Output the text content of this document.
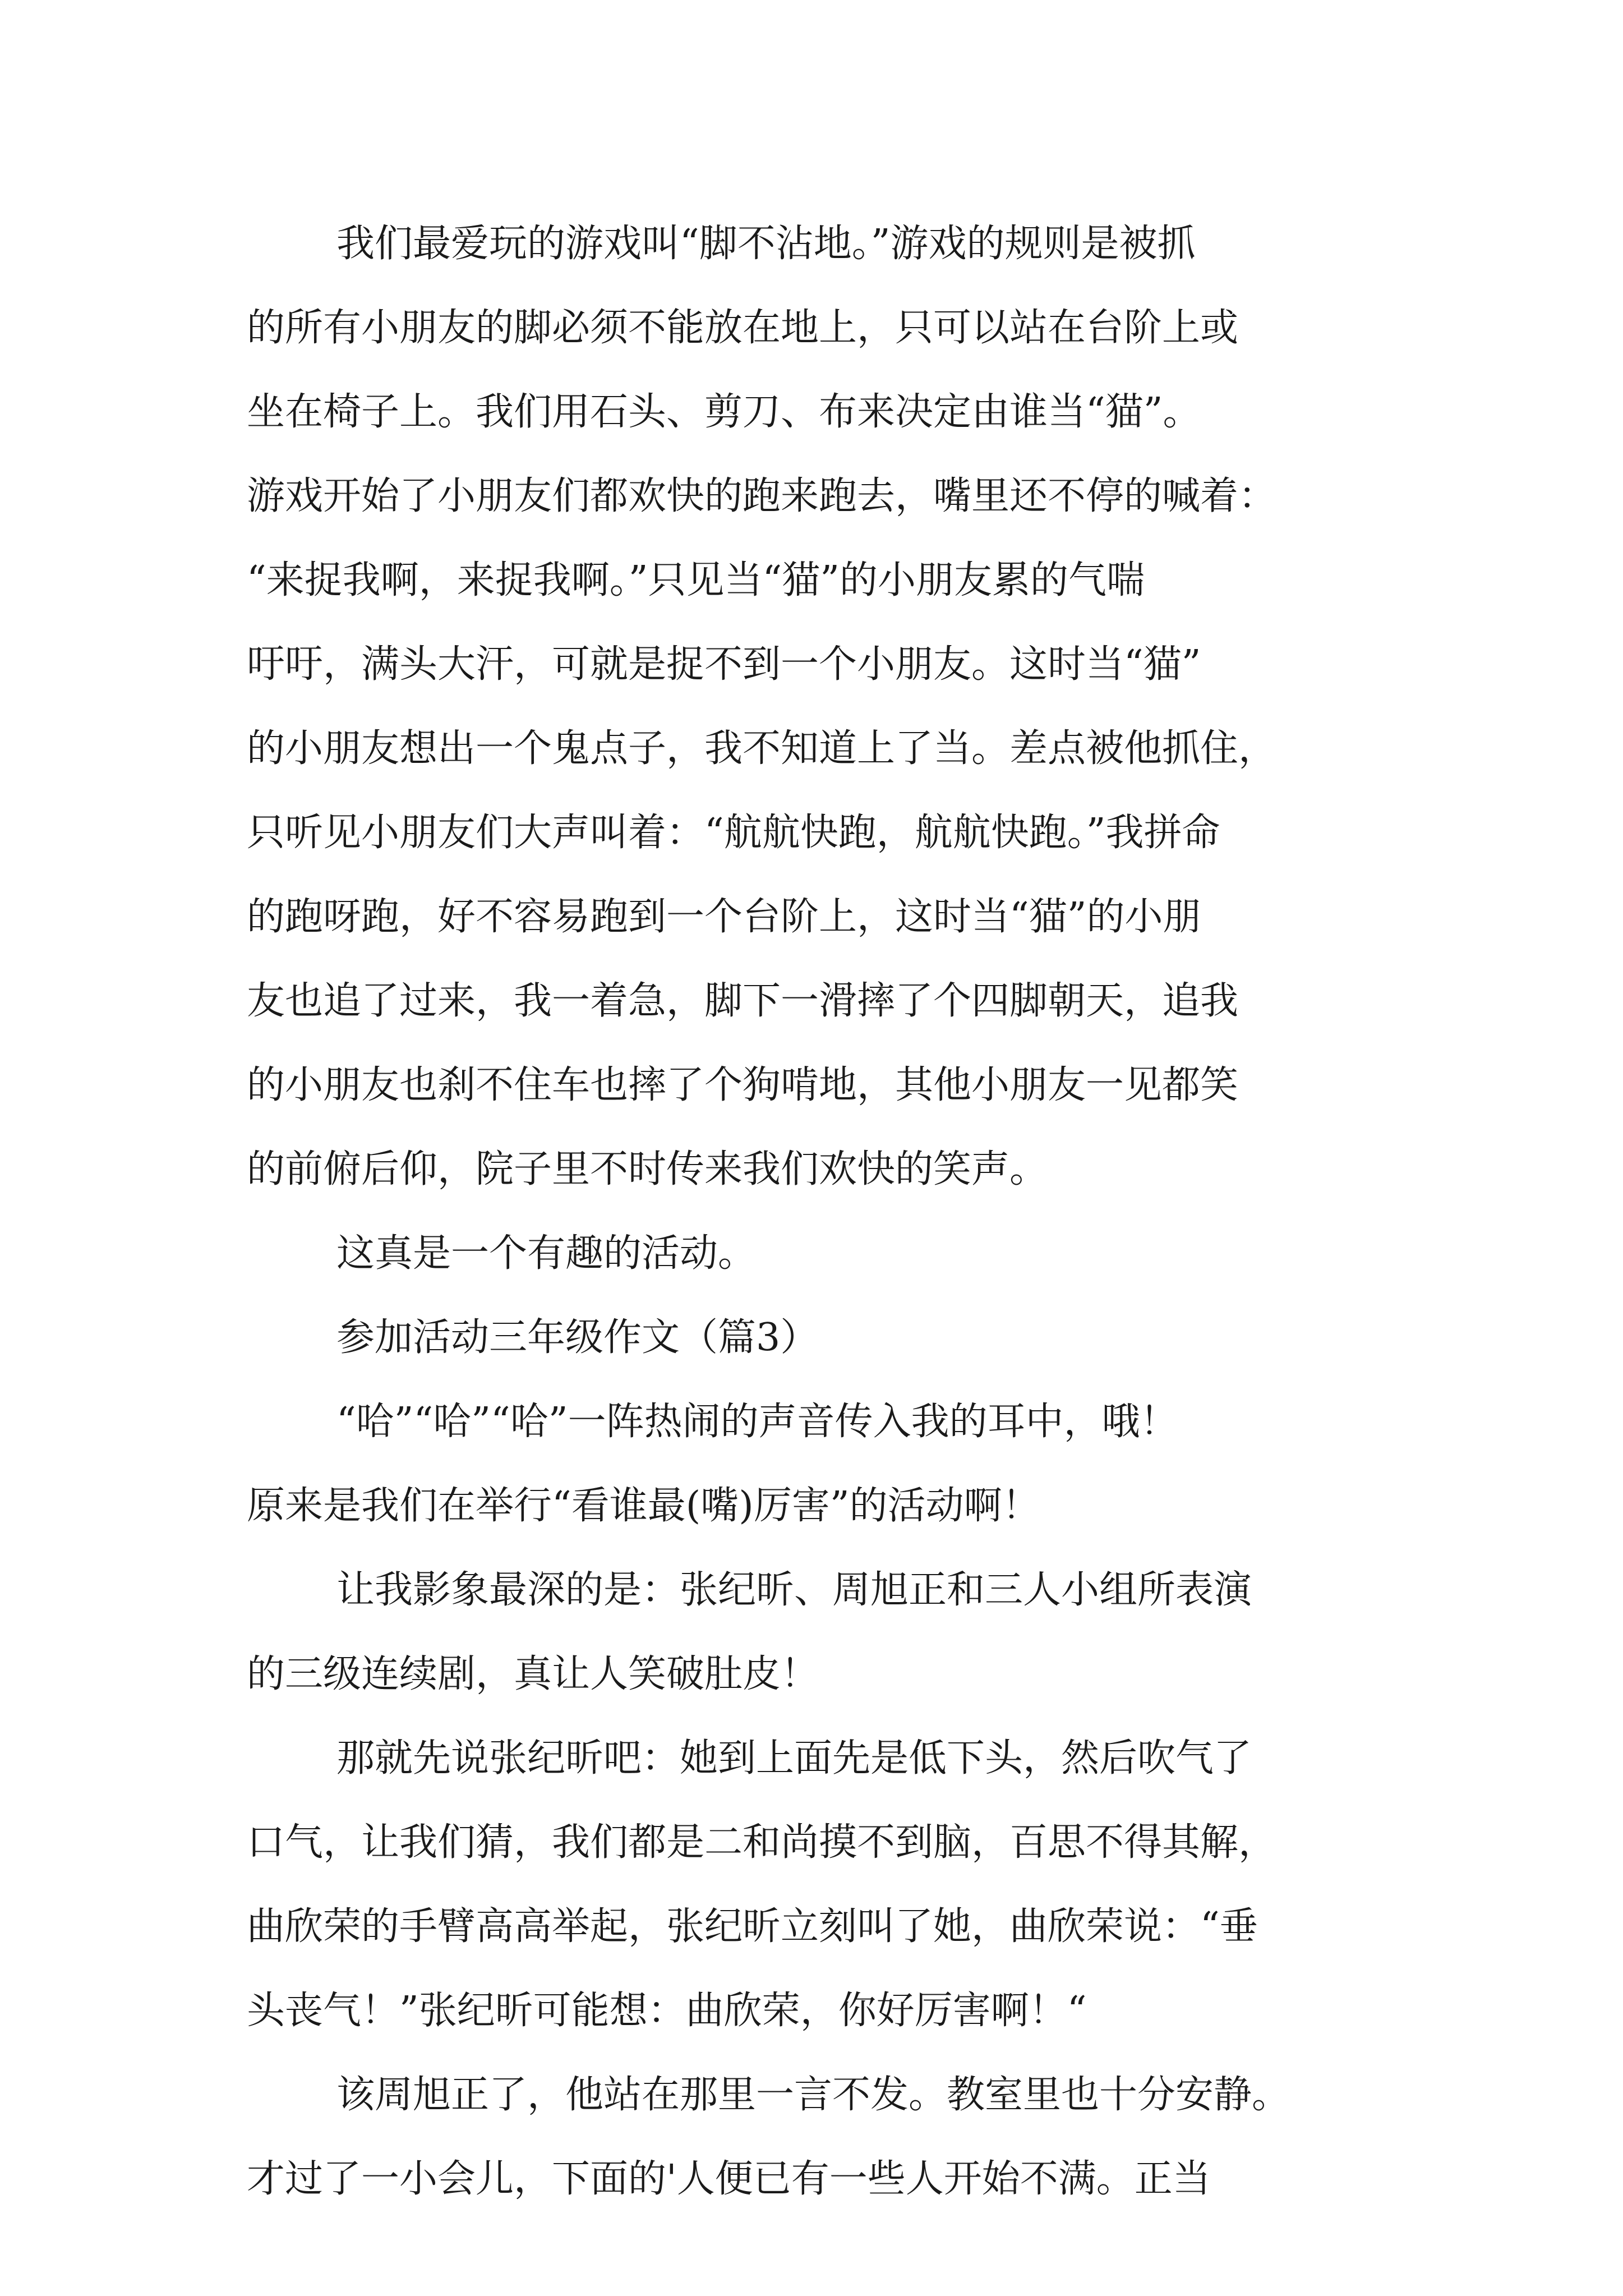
我们最爱玩的游戏叫“脚不沾地。”游戏的规则是被抓
的所有小朋友的脚必须不能放在地上，只可以站在台阶上或
坐在椅子上。我们用石头、剪刀、布来决定由谁当“猫”。
游戏开始了小朋友们都欢快的跑来跑去，嘴里还不停的喊着：
“来捉我啊，来捉我啊。”只见当“猫”的小朋友累的气喘
吁吁，满头大汗，可就是捉不到一个小朋友。这时当“猫”
的小朋友想出一个鬼点子，我不知道上了当。差点被他抓住，
只听见小朋友们大声叫着：“航航快跑，航航快跑。”我拼命
的跑呀跑，好不容易跑到一个台阶上，这时当“猫”的小朋
友也追了过来，我一着急，脚下一滑摔了个四脚朝天，追我
的小朋友也刹不住车也摔了个狗啃地，其他小朋友一见都笑
的前俯后仰，院子里不时传来我们欢快的笑声。
这真是一个有趣的活动。
参加活动三年级作文（篇3）
“哈”“哈”“哈”一阵热闹的声音传入我的耳中，哦！
原来是我们在举行“看谁最(嘴)厉害”的活动啊！
让我影象最深的是：张纪昕、周旭正和三人小组所表演
的三级连续剧，真让人笑破肚皮！
那就先说张纪昕吧：她到上面先是低下头，然后吹气了
口气，让我们猜，我们都是二和尚摸不到脑，百思不得其解，
曲欣荣的手臂高高举起，张纪昕立刻叫了她，曲欣荣说：“垂
头丧气！”张纪昕可能想：曲欣荣，你好厉害啊！“
该周旭正了，他站在那里一言不发。教室里也十分安静。
才过了一小会儿，下面的'人便已有一些人开始不满。正当
